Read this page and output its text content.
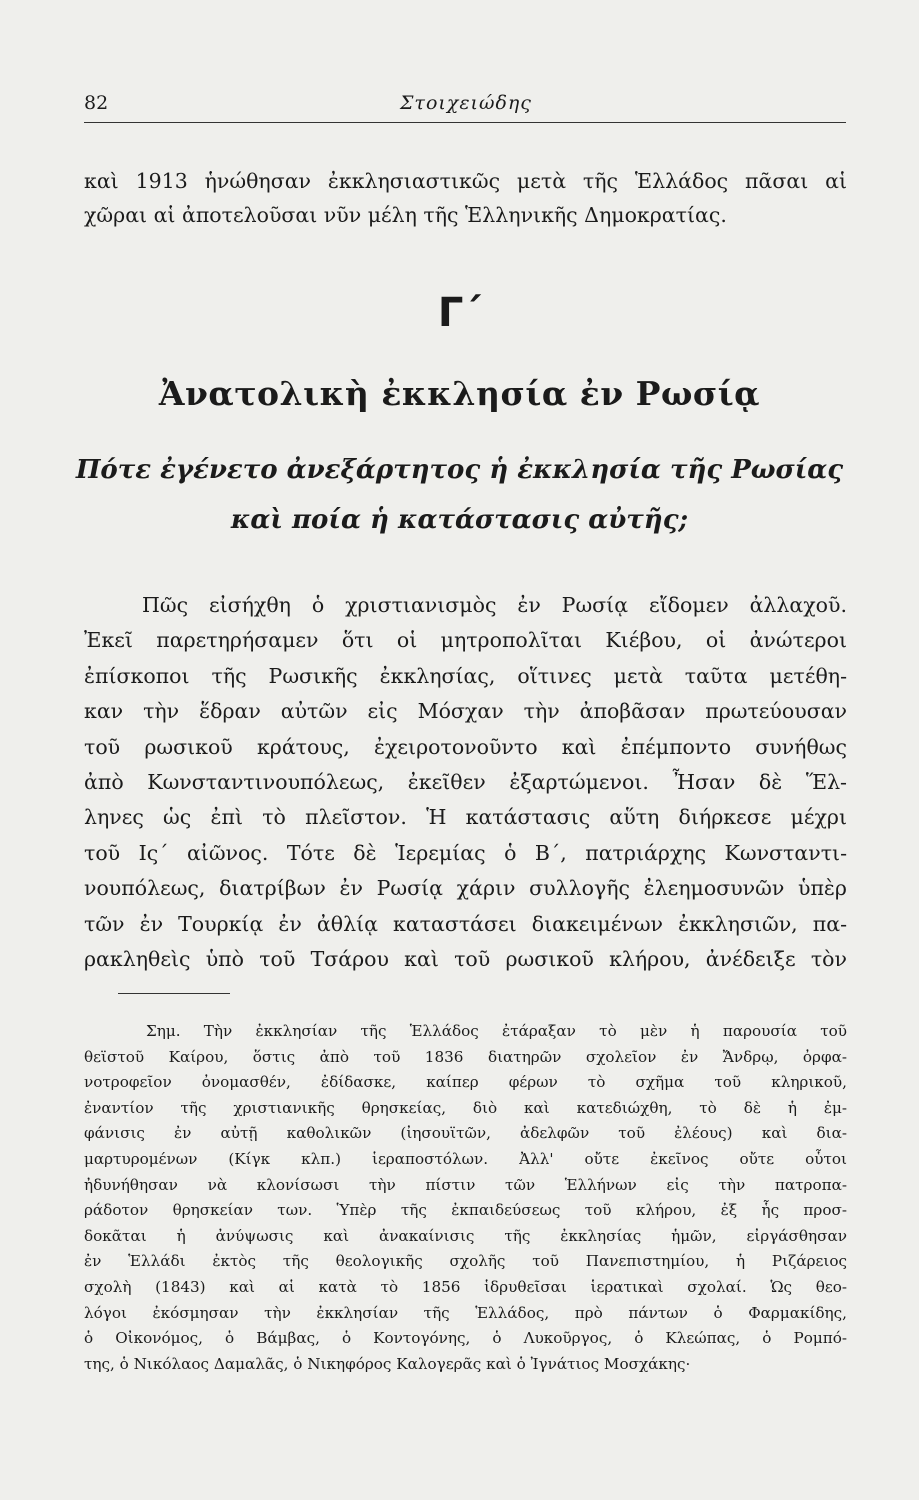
82	Στοιχειώδης
καὶ 1913 ἡνώθησαν ἐκκλησιαστικῶς μετὰ τῆς Ἑλλάδος πᾶσαι αἱ
χῶραι αἱ ἀποτελοῦσαι νῦν μέλη τῆς Ἑλληνικῆς Δημοκρατίας.
Γ΄
Ἀνατολικὴ ἐκκλησία ἐν Ρωσίᾳ
Πότε ἐγένετο ἀνεξάρτητος ἡ ἐκκλησία τῆς Ρωσίας
καὶ ποία ἡ κατάστασις αὐτῆς;
Πῶς εἰσήχθη ὁ χριστιανισμὸς ἐν Ρωσίᾳ εἴδομεν ἀλλαχοῦ.
Ἐκεῖ παρετηρήσαμεν ὅτι οἱ μητροπολῖται Κιέβου, οἱ ἀνώτεροι
ἐπίσκοποι τῆς Ρωσικῆς ἐκκλησίας, οἵτινες μετὰ ταῦτα μετέθη-
καν τὴν ἕδραν αὐτῶν εἰς Μόσχαν τὴν ἀποβᾶσαν πρωτεύουσαν
τοῦ ρωσικοῦ κράτους, ἐχειροτονοῦντο καὶ ἐπέμποντο συνήθως
ἀπὸ Κωνσταντινουπόλεως, ἐκεῖθεν ἐξαρτώμενοι. Ἦσαν δὲ Ἕλ-
ληνες ὡς ἐπὶ τὸ πλεῖστον. Ἡ κατάστασις αὕτη διήρκεσε μέχρι
τοῦ Ις΄ αἰῶνος. Τότε δὲ Ἱερεμίας ὁ Β΄, πατριάρχης Κωνσταντι-
νουπόλεως, διατρίβων ἐν Ρωσίᾳ χάριν συλλογῆς ἐλεημοσυνῶν ὑπὲρ
τῶν ἐν Τουρκίᾳ ἐν ἀθλίᾳ καταστάσει διακειμένων ἐκκλησιῶν, πα-
ρακληθεὶς ὑπὸ τοῦ Τσάρου καὶ τοῦ ρωσικοῦ κλήρου, ἀνέδειξε τὸν
Σημ. Τὴν ἐκκλησίαν τῆς Ἑλλάδος ἐτάραξαν τὸ μὲν ἡ παρουσία τοῦ
θεϊστοῦ Καίρου, ὅστις ἀπὸ τοῦ 1836 διατηρῶν σχολεῖον ἐν Ἄνδρῳ, ὀρφα-
νοτροφεῖον ὀνομασθέν, ἐδίδασκε, καίπερ φέρων τὸ σχῆμα τοῦ κληρικοῦ,
ἐναντίον τῆς χριστιανικῆς θρησκείας, διὸ καὶ κατεδιώχθη, τὸ δὲ ἡ ἐμ-
φάνισις ἐν αὐτῇ καθολικῶν (ἰησουϊτῶν, ἀδελφῶν τοῦ ἐλέους) καὶ δια-
μαρτυρομένων (Κίγκ κλπ.) ἱεραποστόλων. Ἀλλ' οὔτε ἐκεῖνος οὔτε οὗτοι
ἠδυνήθησαν νὰ κλονίσωσι τὴν πίστιν τῶν Ἑλλήνων εἰς τὴν πατροπα-
ράδοτον θρησκείαν των. Ὑπὲρ τῆς ἐκπαιδεύσεως τοῦ κλήρου, ἐξ ἧς προσ-
δοκᾶται ἡ ἀνύψωσις καὶ ἀνακαίνισις τῆς ἐκκλησίας ἡμῶν, εἰργάσθησαν
ἐν Ἑλλάδι ἐκτὸς τῆς θεολογικῆς σχολῆς τοῦ Πανεπιστημίου, ἡ Ριζάρειος
σχολὴ (1843) καὶ αἱ κατὰ τὸ 1856 ἱδρυθεῖσαι ἱερατικαὶ σχολαί. Ὡς θεο-
λόγοι ἐκόσμησαν τὴν ἐκκλησίαν τῆς Ἑλλάδος, πρὸ πάντων ὁ Φαρμακίδης,
ὁ Οἰκονόμος, ὁ Βάμβας, ὁ Κοντογόνης, ὁ Λυκοῦργος, ὁ Κλεώπας, ὁ Ρομπό-
της, ὁ Νικόλαος Δαμαλᾶς, ὁ Νικηφόρος Καλογερᾶς καὶ ὁ Ἰγνάτιος Μοσχάκης·
